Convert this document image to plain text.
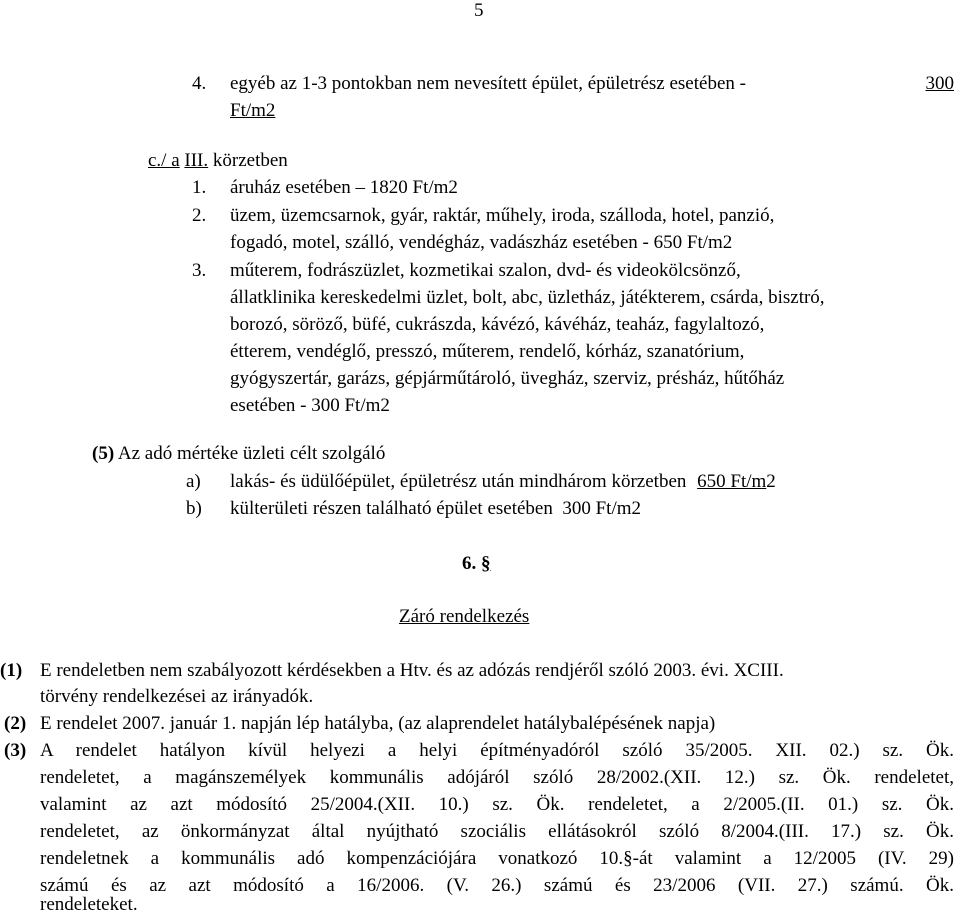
5
4. egyéb az 1-3 pontokban nem nevesített épület, épületrész esetében -	300
Ft/m2
c./ a III. körzetben
1. áruház esetében – 1820 Ft/m2
2. üzem, üzemcsarnok, gyár, raktár, műhely, iroda, szálloda, hotel, panzió,
fogadó, motel, szálló, vendégház, vadászház esetében - 650 Ft/m2
3. műterem, fodrászüzlet, kozmetikai szalon, dvd- és videokölcsönző,
állatklinika kereskedelmi üzlet, bolt, abc, üzletház, játékterem, csárda, bisztró,
borozó, söröző, büfé, cukrászda, kávézó, kávéház, teaház, fagylaltozó,
étterem, vendéglő, presszó, műterem, rendelő, kórház, szanatórium,
gyógyszertár, garázs, gépjárműtároló, üvegház, szerviz, présház, hűtőház
esetében - 300 Ft/m2
(5) Az adó mértéke üzleti célt szolgáló
a) lakás- és üdülőépület, épületrész után mindhárom körzetben 650 Ft/m2
b) külterületi részen található épület esetében  300 Ft/m2
6. §
Záró rendelkezés
(1) E rendeletben nem szabályozott kérdésekben a Htv. és az adózás rendjéről szóló 2003. évi. XCIII.
törvény rendelkezései az irányadók.
(2) E rendelet 2007. január 1. napján lép hatályba, (az alaprendelet hatálybalépésének napja)
(3) A rendelet hatályon kívül helyezi a helyi építményadóról szóló 35/2005. XII. 02.) sz. Ök.
rendeletet, a magánszemélyek kommunális adójáról szóló 28/2002.(XII. 12.) sz. Ök. rendeletet,
valamint az azt módosító 25/2004.(XII. 10.) sz. Ök. rendeletet, a 2/2005.(II. 01.) sz. Ök.
rendeletet, az önkormányzat által nyújtható szociális ellátásokról szóló 8/2004.(III. 17.) sz. Ök.
rendeletnek a kommunális adó kompenzációjára vonatkozó 10.§-át valamint a 12/2005 (IV. 29)
számú és az azt módosító a 16/2006. (V. 26.) számú és 23/2006 (VII. 27.) számú. Ök.
rendeleteket.
